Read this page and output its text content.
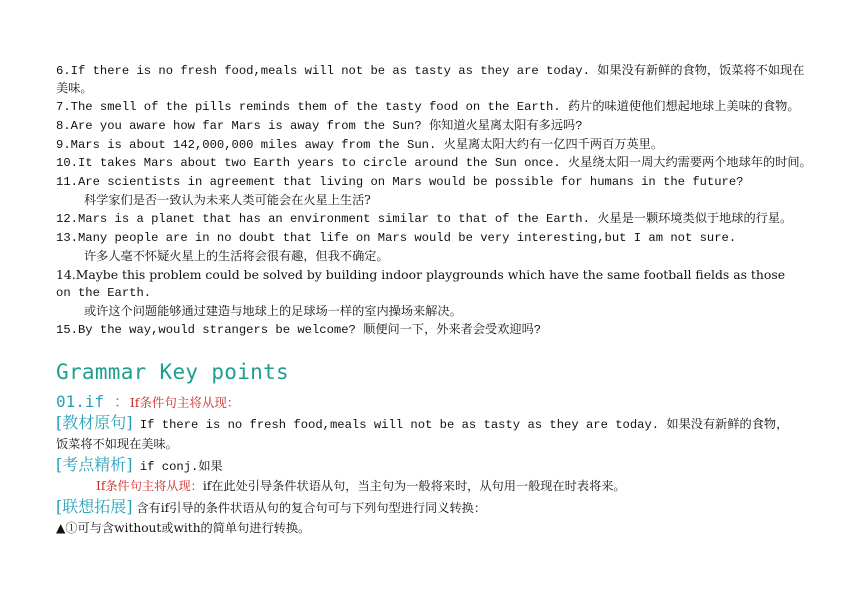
6.If there is no fresh food,meals will not be as tasty as they are today. 如果没有新鲜的食物，饭菜将不如现在
美味。
7.The smell of the pills reminds them of the tasty food on the Earth. 药片的味道使他们想起地球上美味的食物。
8.Are you aware how far Mars is away from the Sun? 你知道火星离太阳有多远吗?
9.Mars is about 142,000,000 miles away from the Sun. 火星离太阳大约有一亿四千两百万英里。
10.It takes Mars about two Earth years to circle around the Sun once. 火星绕太阳一周大约需要两个地球年的时间。
11.Are scientists in agreement that living on Mars would be possible for humans in the future?
科学家们是否一致认为未来人类可能会在火星上生活?
12.Mars is a planet that has an environment similar to that of the Earth. 火星是一颗环境类似于地球的行星。
13.Many people are in no doubt that life on Mars would be very interesting,but I am not sure.
许多人毫不怀疑火星上的生活将会很有趣，但我不确定。
14.Maybe this problem could be solved by building indoor playgrounds which have the same football fields as those
on the Earth.
或许这个问题能够通过建造与地球上的足球场一样的室内操场来解决。
15.By the way,would strangers be welcome? 顺便问一下，外来者会受欢迎吗?
Grammar Key points
01.if ：If条件句主将从现：
[教材原句] If there is no fresh food,meals will not be as tasty as they are today. 如果没有新鲜的食物，
饭菜将不如现在美味。
[考点精析] if conj.如果
If条件句主将从现：if在此处引导条件状语从句，当主句为一般将来时，从句用一般现在时表将来。
[联想拓展] 含有if引导的条件状语从句的复合句可与下列句型进行同义转换：
▲①可与含without或with的简单句进行转换。
